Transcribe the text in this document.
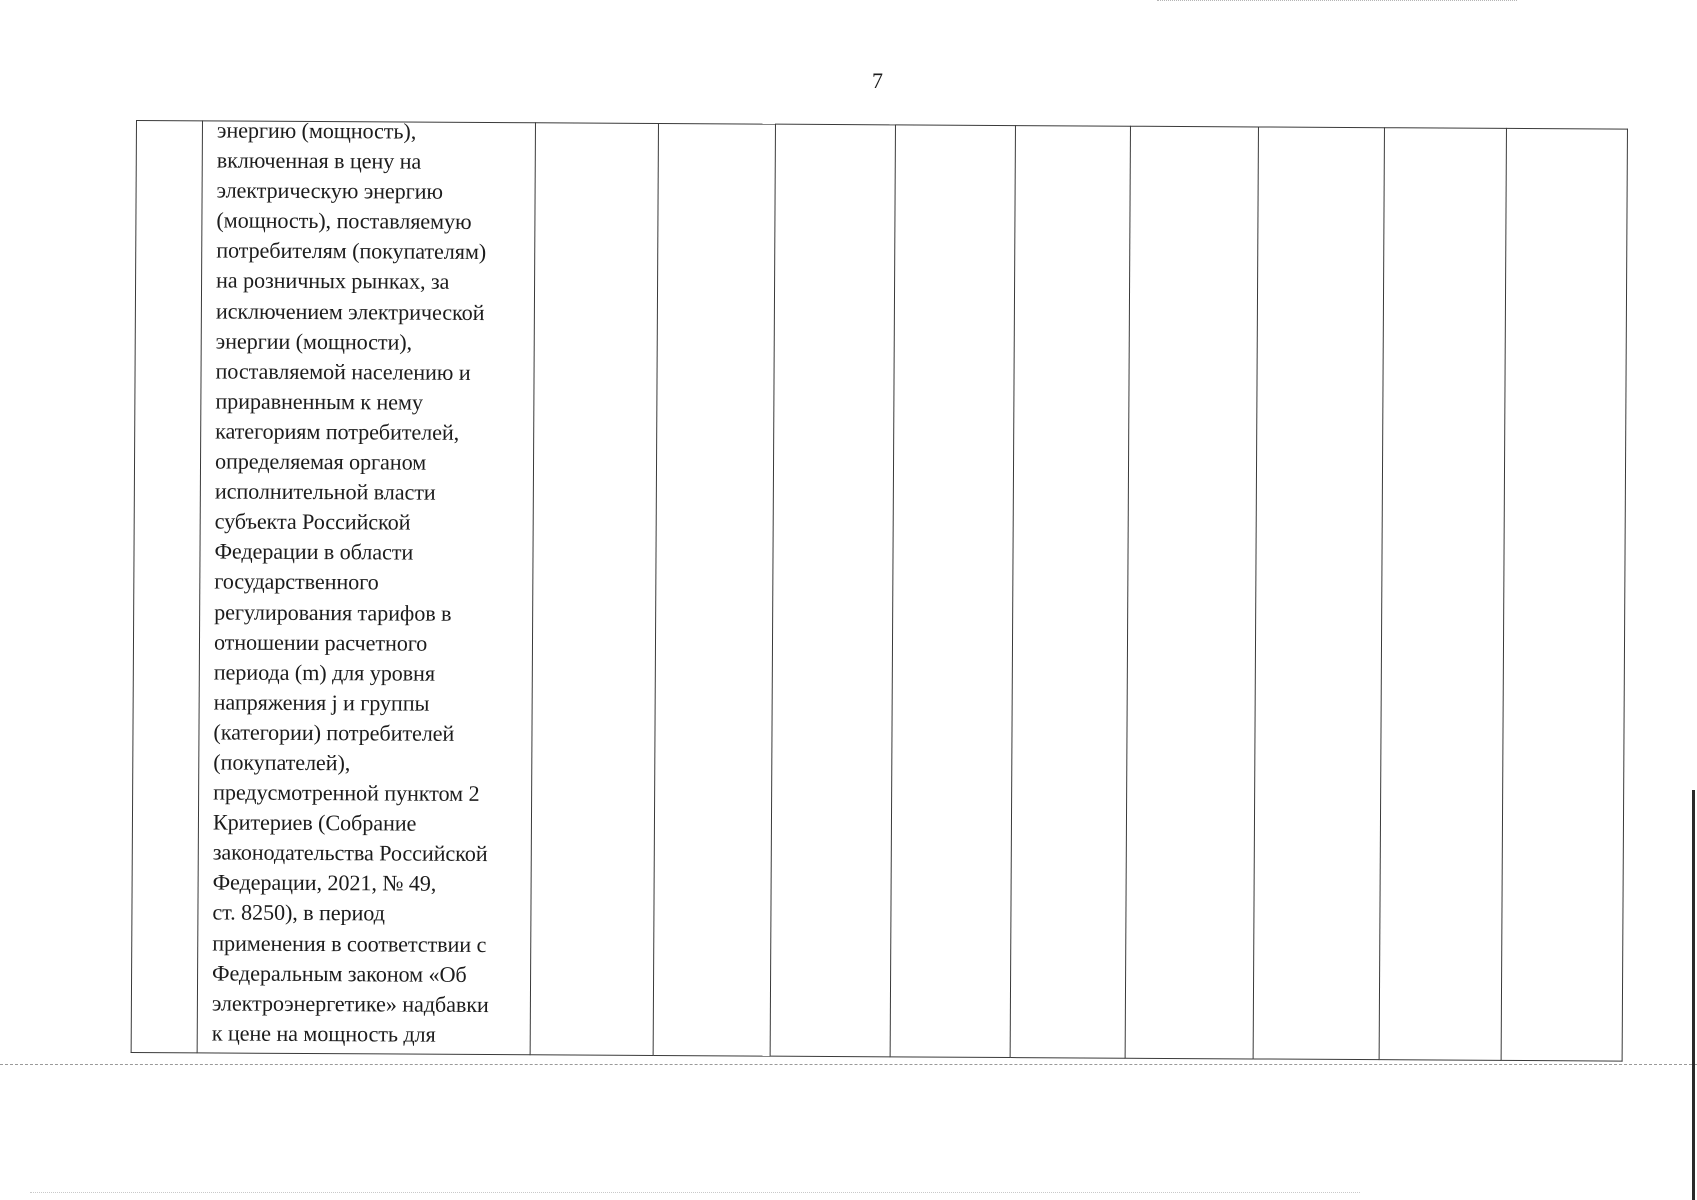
7

энергию (мощность),
включенная в цену на
электрическую энергию
(мощность), поставляемую
потребителям (покупателям)
на розничных рынках, за
исключением электрической
энергии (мощности),
поставляемой населению и
приравненным к нему
категориям потребителей,
определяемая органом
исполнительной власти
субъекта Российской
Федерации в области
государственного
регулирования тарифов в
отношении расчетного
периода (m) для уровня
напряжения j и группы
(категории) потребителей
(покупателей),
предусмотренной пунктом 2
Критериев (Собрание
законодательства Российской
Федерации, 2021, № 49,
ст. 8250), в период
применения в соответствии с
Федеральным законом «Об
электроэнергетике» надбавки
к цене на мощность для
